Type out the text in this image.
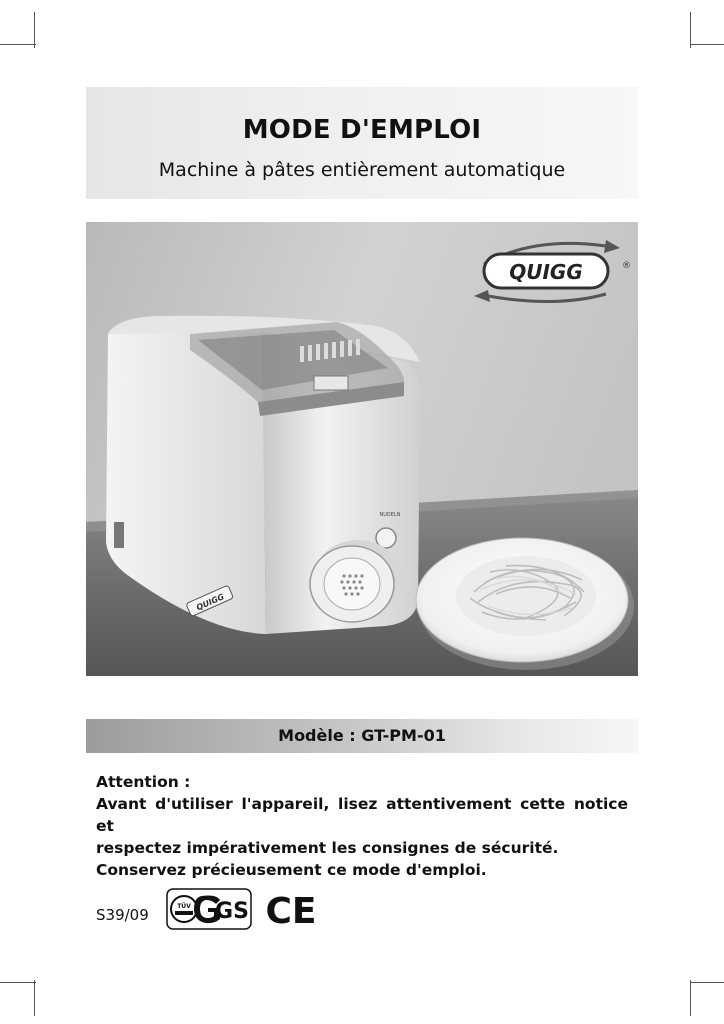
MODE D'EMPLOI
Machine à pâtes entièrement automatique
QUIGG	®
QUIGG
NUDELN
Modèle : GT-PM-01
Attention :
Avant d'utiliser l'appareil, lisez attentivement cette notice et
respectez impérativement les consignes de sécurité.
Conservez précieusement ce mode d'emploi.
S39/09	TÜV GS CE
